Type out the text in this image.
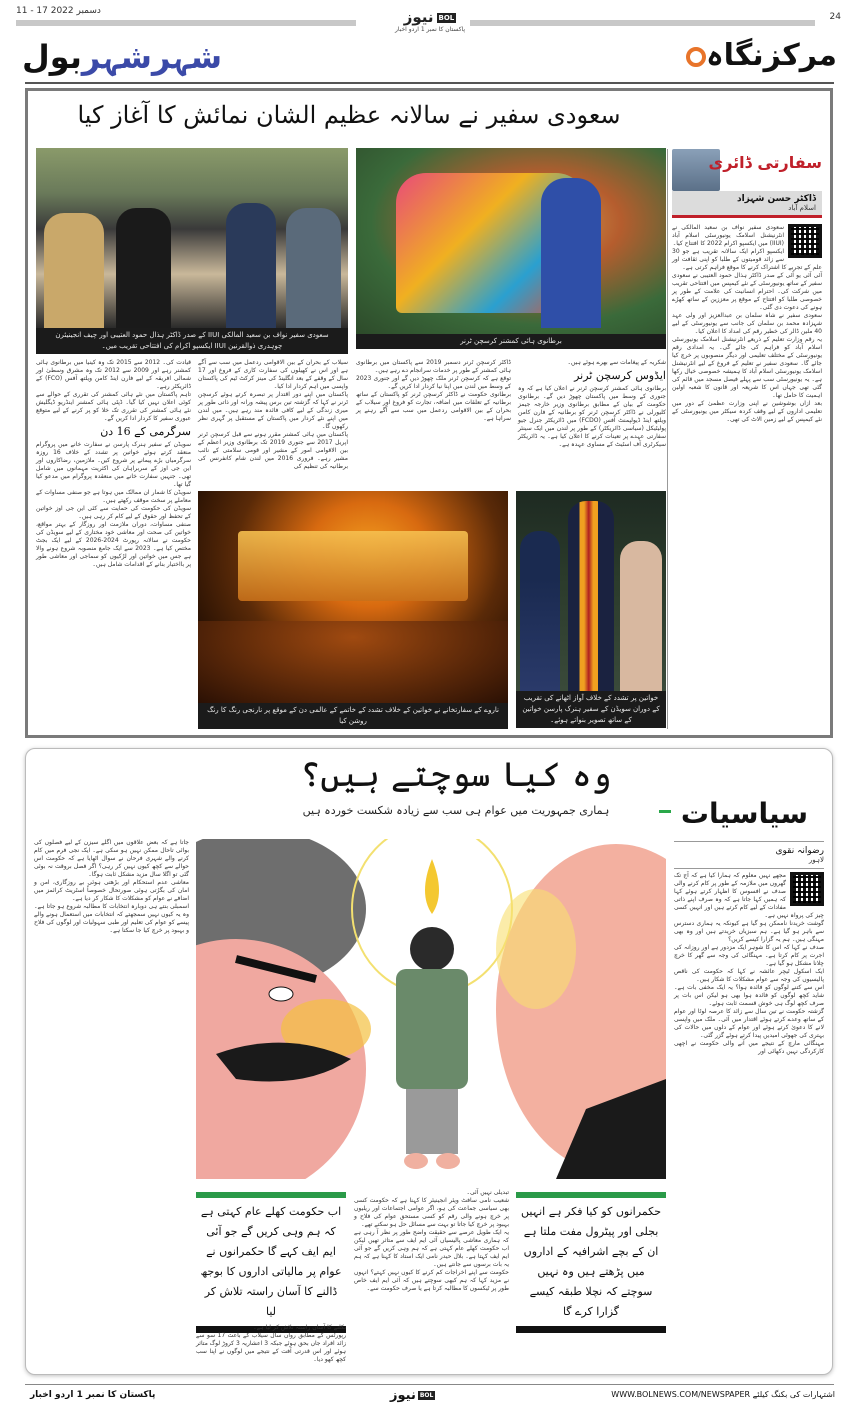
11 - 17 دسمبر 2022
24
BOLنیوز
پاکستان کا نمبر 1 اردو اخبار
شہرشہربول	مرکزنگاہ
سعودی سفیر نے سالانہ عظیم الشان نمائش کا آغاز کیا
سفارتی ڈائری
ڈاکٹر حسن شہزاد
اسلام آباد

سعودی سفیر نواف بن سعید المالکی نے انٹرنیشنل اسلامک یونیورسٹی اسلام آباد (IIUI) میں ایکسپو اکرام 2022 کا افتتاح کیا۔

ایکسپو اکرام ایک سالانہ تقریب ہے جو 30 سے زائد قومیتوں کے طلبا کو اپنی ثقافت اور علم کے تجربے کا اشتراک کرنے کا موقع فراہم کرتی ہے۔

آئی آئی یو آئی کے صدر ڈاکٹر ہذال حمود العتیبی نے سعودی سفیر کے ساتھ یونیورسٹی کے نئے کیمپس میں افتتاحی تقریب میں شرکت کی۔ احترام انسانیت کی علامت کے طور پر خصوصی طلبا کو افتتاح کے موقع پر معززین کے ساتھ کھڑے ہونے کی دعوت دی گئی۔

سعودی سفیر نے شاہ سلمان بن عبدالعزیز اور ولی عہد شہزادہ محمد بن سلمان کی جانب سے یونیورسٹی کے لیے 40 ملین ڈالر کی خطیر رقم کی امداد کا اعلان کیا۔

یہ رقم وزارت تعلیم کے ذریعے انٹرنیشنل اسلامک یونیورسٹی اسلام آباد کو فراہم کی جائے گی۔ یہ امدادی رقم یونیورسٹی کے مختلف تعلیمی اور دیگر منصوبوں پر خرچ کیا جائے گا۔ سعودی سفیر نے تعلیم کے فروغ کے لیے انٹرنیشنل اسلامک یونیورسٹی اسلام آباد کا ہمیشہ خصوصی خیال رکھا ہے۔ یہ یونیورسٹی سب سے پہلے فیصل مسجد میں قائم کی گئی تھی جہاں اس کا شریعہ اور قانون کا شعبہ اولین اہمیت کا حامل تھا۔

بعد ازاں بوشوشین نے اپنی وزارت عظمیٰ کے دور میں تعلیمی اداروں کے لیے وقف کردہ سیکٹر میں یونیورسٹی کے نئے کیمپس کے لیے زمین الاٹ کی تھی۔

برطانوی ہائی کمشنر کرسچن ٹرنر
سعودی سفیر نواف بن سعید المالکی IIUI کے صدر ڈاکٹر ہذال حمود العتیبی اور چیف انجینیئرن چوہدری ذوالقرنین IIUI ایکسپو اکرام کی افتتاحی تقریب میں۔

شکریہ کے پیغامات سے بھرے ہوئے ہیں۔

ایڈوس کرسچن ٹرنر

برطانوی ہائی کمشنر کرسچن ٹرنر نے اعلان کیا ہے کہ وہ جنوری کے وسط میں پاکستان چھوڑ دیں گے۔ برطانوی حکومت کے بیان کے مطابق برطانوی وزیر خارجہ جیمز کلیورلی نے ڈاکٹر کرسچن ٹرنر کو برطانیہ کے فارن کامن ویلتھ اینڈ ڈیولپمنٹ آفس (FCDO) میں ڈائریکٹر جنرل جیو پولیٹیکل (سیاسی ڈائریکٹر) کے طور پر لندن میں ایک سینئر سفارتی عہدے پر تعینات کرنے کا اعلان کیا ہے۔ یہ ڈائریکٹر سیکرٹری آف اسٹیٹ کے مساوی عہدہ ہے۔

ڈاکٹر کرسچن ٹرنر دسمبر 2019 سے پاکستان میں برطانوی ہائی کمشنر کے طور پر خدمات سرانجام دے رہے ہیں۔

توقع ہے کہ کرسچن ٹرنر ملک چھوڑ دیں گے اور جنوری 2023 کے وسط میں لندن میں اپنا نیا کردار ادا کریں گے۔

برطانوی حکومت نے ڈاکٹر کرسچن ٹرنر کو پاکستان کے ساتھ برطانیہ کے تعلقات میں اضافہ، تجارت کو فروغ اور سیلاب کے بحران کے بین الاقوامی ردعمل میں سب سے آگے رہنے پر سراہا ہے۔

سیلاب کے بحران کے بین الاقوامی ردعمل میں سب سے آگے ہے اور اس نے کھیلوں کی سفارت کاری کے فروغ اور 17 سال کے وقفے کے بعد انگلینڈ کی مینز کرکٹ ٹیم کی پاکستان واپسی میں اہم کردار ادا کیا۔

پاکستان میں اپنے دور اقتدار پر تبصرہ کرتے ہوئے کرسچن ٹرنر نے کہا کہ گزشتہ تین برس پیشہ ورانہ اور ذاتی طور پر میری زندگی کے لیے کافی فائدہ مند رہے ہیں۔ میں لندن میں اپنے نئے کردار میں پاکستان کے مستقبل پر گہری نظر رکھوں گا۔

پاکستان میں ہائی کمشنر مقرر ہونے سے قبل کرسچن ٹرنر اپریل 2017 سے جنوری 2019 تک برطانوی وزیر اعظم کے بین الاقوامی امور کے مشیر اور قومی سلامتی کے نائب مشیر رہے۔ فروری 2016 میں لندن شام کانفرنس کی برطانیہ کی تنظیم کی

قیادت کی۔ 2012 سے 2015 تک وہ کینیا میں برطانوی ہائی کمشنر رہے اور 2009 سے 2012 تک وہ مشرق وسطیٰ اور شمالی افریقہ کے لیے فارن اینڈ کامن ویلتھ آفس (FCO) کے ڈائریکٹر رہے۔

تاہم پاکستان میں نئے ہائی کمشنر کی تقرری کے حوالے سے کوئی اعلان نہیں کیا گیا۔ ڈپٹی ہائی کمشنر اینڈریو ڈیگلیش نئے ہائی کمشنر کی تقرری تک خلا کو پر کرنے کے لیے متوقع عبوری سفیر کا کردار ادا کریں گے۔

سرگرمی کے 16 دن

سویڈن کے سفیر ہنرک پارسن نے سفارت خانے میں پروگرام منعقد کرتے ہوئے خواتین پر تشدد کے خلاف 16 روزہ سرگرمیاں بڑے پیمانے پر شروع کیں۔ ملازمین، رضاکاروں اور این جی اوز کے سربراہان کی اکثریت مہمانوں میں شامل تھی۔ جنہیں سفارت خانے میں منعقدہ پروگرام میں مدعو کیا گیا تھا۔

سویڈن کا شمار ان ممالک میں ہوتا ہے جو صنفی مساوات کے معاملے پر سخت موقف رکھتے ہیں۔

سویڈن کی حکومت کی حمایت سے کئی این جی اوز خواتین کے تحفظ اور حقوق کے لیے کام کر رہی ہیں۔

صنفی مساوات، دوران ملازمت اور روزگار کے بہتر مواقع، خواتین کی صحت اور معاشی خود مختاری کے لیے سویڈن کی حکومت نے سالانہ رپورٹ 2024-2026 کے لیے ایک بجٹ مختص کیا ہے۔ 2023 سے ایک جامع منصوبہ شروع ہونے والا ہے جس میں خواتین اور لڑکیوں کو سماجی اور معاشی طور پر بااختیار بنانے کے اقدامات شامل ہیں۔

ناروے کے سفارتخانے نے خواتین کے خلاف تشدد کے خاتمے کے عالمی دن کے موقع پر نارنجی رنگ کا رنگ روشن کیا
خواتین پر تشدد کے خلاف آواز اٹھانے کی تقریب کے دوران سویڈن کے سفیر ہنرک پارسن خواتین کے ساتھ تصویر بنواتے ہوئے۔
وہ کیا سوچتے ہیں؟
ہماری جمہوریت میں عوام ہی سب سے زیادہ شکست خوردہ ہیں	سیاسیات
رضوانہ نقوی
لاہور

مجھے نہیں معلوم کہ ہمارا کیا ہے کہ آج تک گھروں میں ملازمہ کے طور پر کام کرنے والی صدف نے افسوس کا اظہار کرتے ہوئے کہا کہ ہمیں کہا جاتا ہے کہ وہ صرف اپنے ذاتی مفادات کے لیے کام کرتے ہیں اور انہیں کسی چیز کی پرواہ نہیں ہے۔

گوشت خریدنا ناممکن ہو گیا ہے کیونکہ یہ ہماری دسترس سے باہر ہو گیا ہے۔ ہم سبزیاں خریدتے ہیں اور وہ بھی مہنگی ہیں۔ ہم یہ گزارا کیسے کریں؟

صدف نے کہا کہ اس کا شوہر ایک مزدور ہے اور روزانہ کی اجرت پر کام کرتا ہے۔ مہنگائی کی وجہ سے گھر کا خرچ چلانا مشکل ہو گیا ہے۔

ایک اسکول ٹیچر عائشہ نے کہا کہ حکومت کی ناقص پالیسیوں کی وجہ سے عوام مشکلات کا شکار ہیں۔

اس سے کتنے لوگوں کو فائدہ ہوا؟ یہ ایک مخفی بات ہے۔ شاید کچھ لوگوں کو فائدہ ہوا بھی ہو لیکن اس بات پر صرف کچھ لوگ ہی خوش قسمت ثابت ہوئے۔

گزشتہ حکومت نے تین سال سے زائد کا عرصہ لوٹا اور عوام کے ساتھ وعدے کرتے ہوئے اقتدار میں آئی۔ ملک میں واپسی لانے کا دعویٰ کرتے ہوئے اور عوام کے دلوں میں حالات کی بہتری کی جھوٹی امیدیں پیدا کرتے ہوئے گزر گئی۔

مہنگائی مارچ کے نتیجے میں آنے والی حکومت نے اچھی کارکردگی نہیں دکھائی اور

اب حکومت کھلے عام کہتی ہے کہ ہم وہی کریں گے جو آئی ایم ایف کہے گا حکمرانوں نے عوام پر مالیاتی اداروں کا بوجھ ڈالنے کا آسان راستہ تلاش کر لیا
حکمرانوں کو کیا فکر ہے انہیں بجلی اور پیٹرول مفت ملتا ہے ان کے بچے اشرافیہ کے اداروں میں پڑھتے ہیں وہ نہیں سوچتے کہ نچلا طبقہ کیسے گزارا کرے گا

تبدیلی نہیں آئی۔

شعیب نامی سافٹ ویئر انجینیئر کا کہنا ہے کہ حکومت کسی بھی سیاسی جماعت کی ہو، اگر عوامی اجتماعات اور ریلیوں پر خرچ ہونے والی رقم کو کسی مستحق عوام کی فلاح و بہبود پر خرچ کیا جاتا تو بہت سے مسائل حل ہو سکتے تھے۔

یہ ایک طویل عرصے سے حقیقت واضح طور پر نظر آ رہی ہے کہ ہماری معاشی پالیسیاں آئی ایم ایف سے متاثر تھیں لیکن اب حکومت کھلے عام کہتی ہے کہ ہم وہی کریں گے جو آئی ایم ایف کہتا ہے۔ بلال حیدر نامی ایک استاد کا کہنا ہے کہ ہم یہ بات برسوں سے جانتے ہیں۔

حکومت سے اپنے اخراجات کم کرنے کا کیوں نہیں کہتے؟ انہوں نے مزید کہا کہ ہم کبھی سوچتے ہیں کہ آئی ایم ایف خاص طور پر ٹیکسوں کا مطالبہ کرتا ہے یا صرف حکومت سے۔

نکلنے کا آسان راستہ تلاش کر لیا ہے۔

رپورٹس کے مطابق رواں سال سیلاب کے باعث 17 سو سے زائد افراد جاں بحق ہوئے جبکہ 3 اعشاریہ 3 کروڑ لوگ متاثر ہوئے اور اس قدرتی آفت کے نتیجے میں لوگوں نے اپنا سب کچھ کھو دیا۔

جاتا ہے کہ بعض علاقوں میں اگلے سیزن کے لیے فصلوں کی بوائی تاحال ممکن نہیں ہو سکی ہے۔ ایک نجی فرم میں کام کرنے والے شہری فرحان نے سوال اٹھایا ہے کہ حکومت اس حوالے سے کچھ کیوں نہیں کر رہی؟ اگر فصل بروقت نہ بوئی گئی تو اگلا سال مزید مشکل ثابت ہوگا۔

معاشی عدم استحکام اور بڑھتی ہوئی بے روزگاری، امن و امان کی بگڑتی ہوئی صورتحال خصوصاً اسٹریٹ کرائمز میں اضافے نے عوام کو مشکلات کا شکار کر دیا ہے۔

اسمبلی بنتے ہی دوبارہ انتخابات کا مطالبہ شروع ہو جاتا ہے۔ وہ یہ کیوں نہیں سمجھتے کہ انتخابات میں استعمال ہونے والے پیسے کو عوام کی تعلیم اور طبی سہولیات اور لوگوں کی فلاح و بہبود پر خرچ کیا جا سکتا ہے۔

پاکستان کا نمبر 1 اردو اخبار	BOLنیوز	WWW.BOLNEWS.COM/NEWSPAPER اشتہارات کی بکنگ کیلئے
